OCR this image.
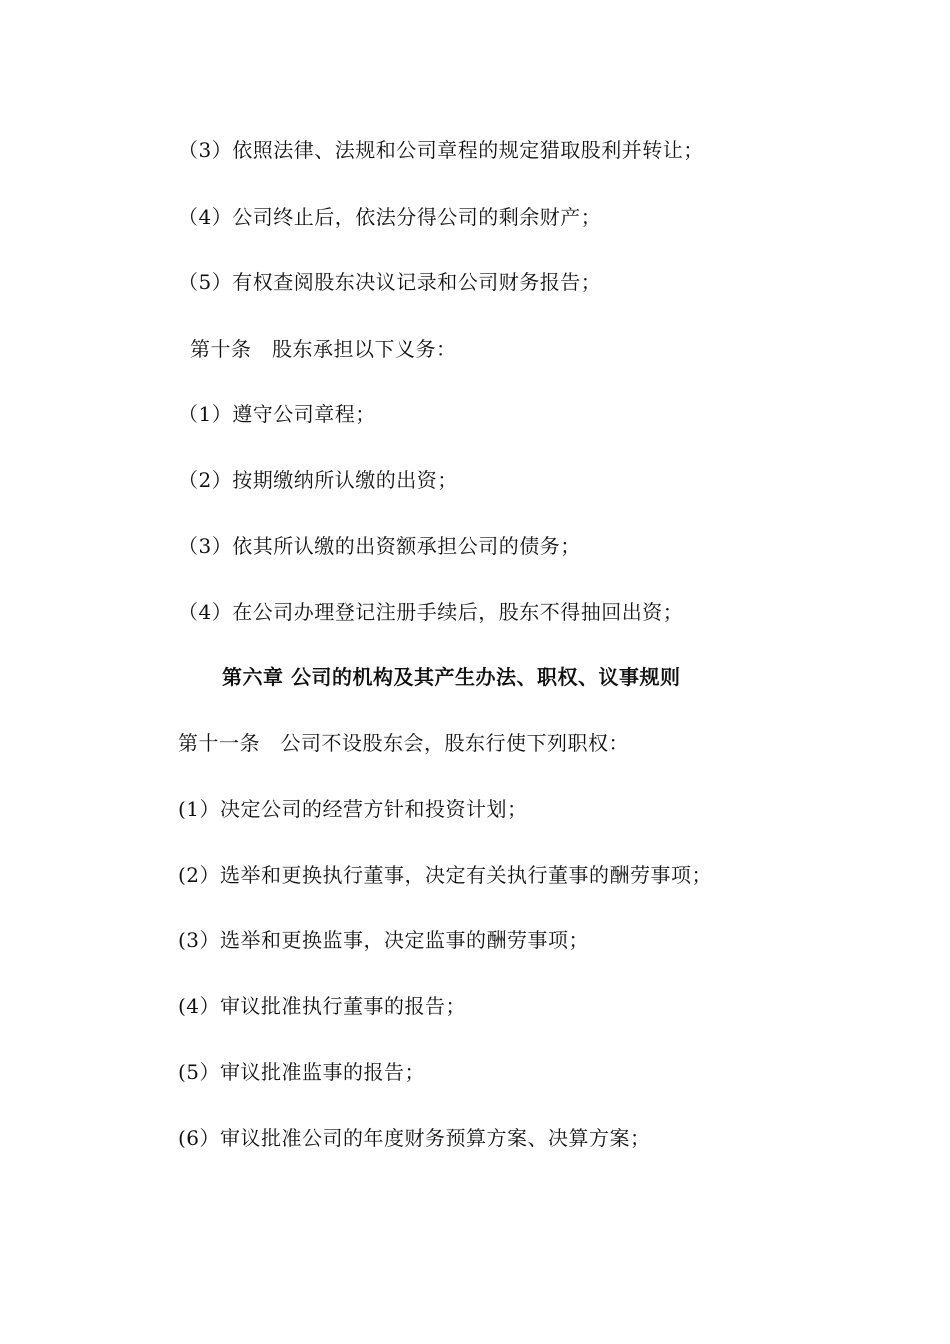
（3）依照法律、法规和公司章程的规定猎取股利并转让；
（4）公司终止后，依法分得公司的剩余财产；
（5）有权查阅股东决议记录和公司财务报告；
第十条　股东承担以下义务：
（1）遵守公司章程；
（2）按期缴纳所认缴的出资；
（3）依其所认缴的出资额承担公司的债务；
（4）在公司办理登记注册手续后，股东不得抽回出资；
第六章 公司的机构及其产生办法、职权、议事规则
第十一条　公司不设股东会，股东行使下列职权：
(1）决定公司的经营方针和投资计划；
(2）选举和更换执行董事，决定有关执行董事的酬劳事项；
(3）选举和更换监事，决定监事的酬劳事项；
(4）审议批准执行董事的报告；
(5）审议批准监事的报告；
(6）审议批准公司的年度财务预算方案、决算方案；
